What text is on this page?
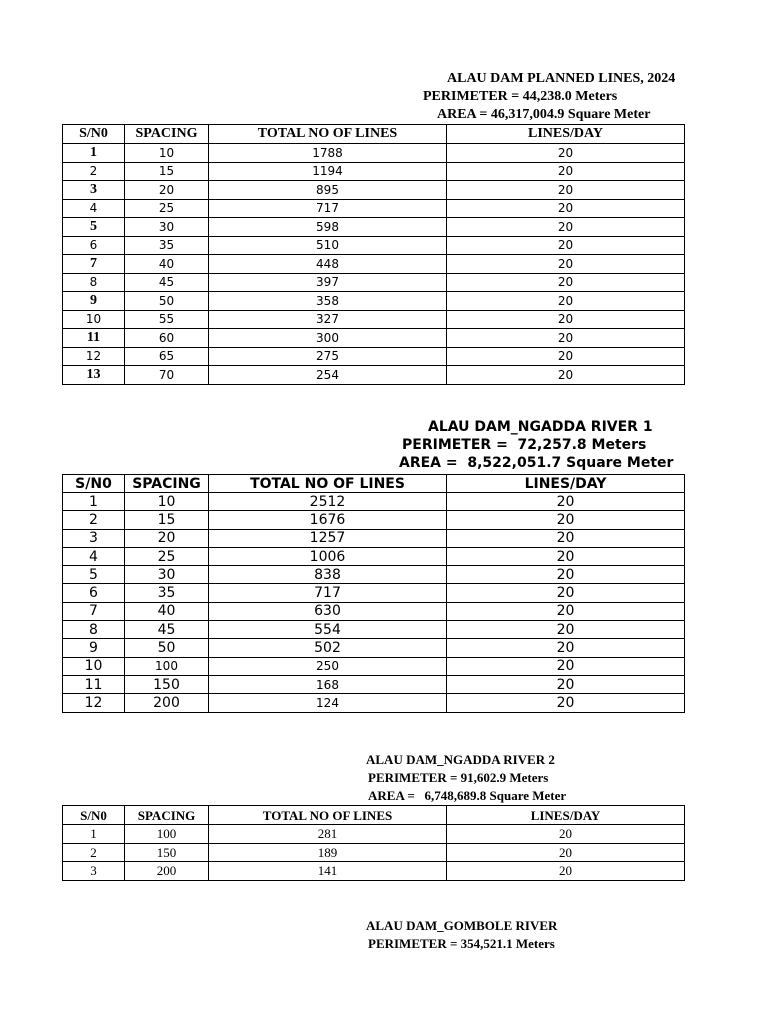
ALAU DAM PLANNED LINES, 2024
PERIMETER = 44,238.0 Meters
AREA = 46,317,004.9 Square Meter
S/N0	SPACING	TOTAL NO OF LINES	LINES/DAY
1	10	1788	20
2	15	1194	20
3	20	895	20
4	25	717	20
5	30	598	20
6	35	510	20
7	40	448	20
8	45	397	20
9	50	358	20
10	55	327	20
11	60	300	20
12	65	275	20
13	70	254	20
ALAU DAM_NGADDA RIVER 1
PERIMETER =  72,257.8 Meters
AREA =  8,522,051.7 Square Meter
S/N0	SPACING	TOTAL NO OF LINES	LINES/DAY
1	10	2512	20
2	15	1676	20
3	20	1257	20
4	25	1006	20
5	30	838	20
6	35	717	20
7	40	630	20
8	45	554	20
9	50	502	20
10	100	250	20
11	150	168	20
12	200	124	20
ALAU DAM_NGADDA RIVER 2
PERIMETER = 91,602.9 Meters
AREA =   6,748,689.8 Square Meter
S/N0	SPACING	TOTAL NO OF LINES	LINES/DAY
1	100	281	20
2	150	189	20
3	200	141	20
ALAU DAM_GOMBOLE RIVER
PERIMETER = 354,521.1 Meters
